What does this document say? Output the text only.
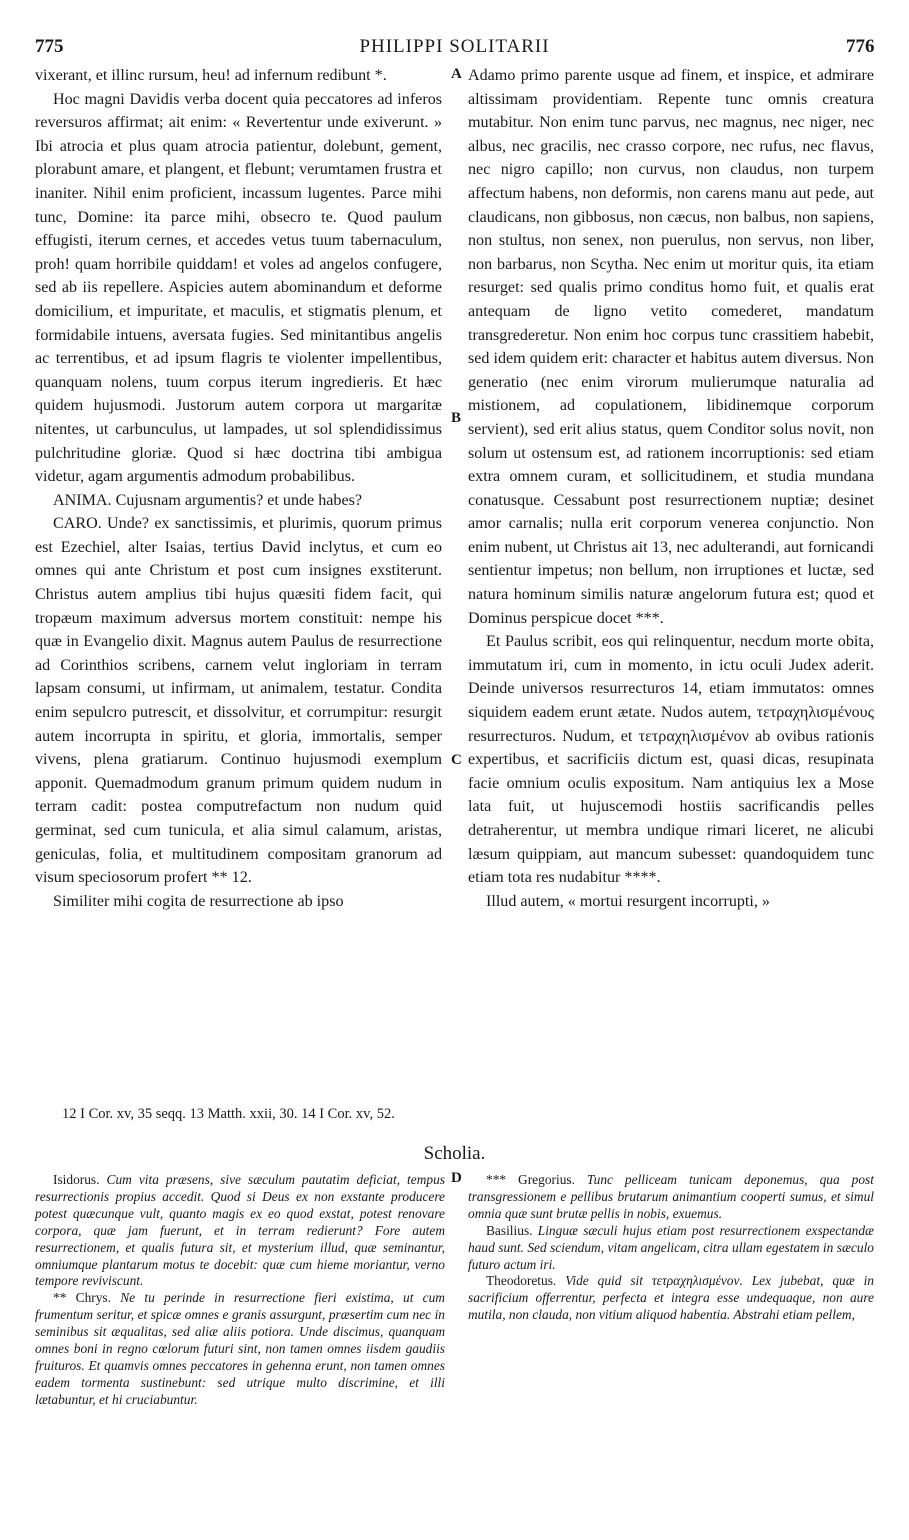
775	PHILIPPI SOLITARII	776

vixerant, et illinc rursum, heu! ad infernum redibunt *.

Hoc magni Davidis verba docent quia peccatores ad inferos reversuros affirmat; ait enim: « Revertentur unde exiverunt. » Ibi atrocia et plus quam atrocia patientur, dolebunt, gement, plorabunt amare, et plangent, et flebunt; verumtamen frustra et inaniter. Nihil enim proficient, incassum lugentes. Parce mihi tunc, Domine: ita parce mihi, obsecro te. Quod paulum effugisti, iterum cernes, et accedes vetus tuum tabernaculum, proh! quam horribile quiddam! et voles ad angelos confugere, sed ab iis repellere. Aspicies autem abominandum et deforme domicilium, et impuritate, et maculis, et stigmatis plenum, et formidabile intuens, aversata fugies. Sed minitantibus angelis ac terrentibus, et ad ipsum flagris te violenter impellentibus, quanquam nolens, tuum corpus iterum ingredieris. Et hæc quidem hujusmodi. Justorum autem corpora ut margaritæ nitentes, ut carbunculus, ut lampades, ut sol splendidissimus pulchritudine gloriæ. Quod si hæc doctrina tibi ambigua videtur, agam argumentis admodum probabilibus.

ANIMA. Cujusnam argumentis? et unde habes?

CARO. Unde? ex sanctissimis, et plurimis, quorum primus est Ezechiel, alter Isaias, tertius David inclytus, et cum eo omnes qui ante Christum et post cum insignes exstiterunt. Christus autem amplius tibi hujus quæsiti fidem facit, qui tropæum maximum adversus mortem constituit: nempe his quæ in Evangelio dixit. Magnus autem Paulus de resurrectione ad Corinthios scribens, carnem velut ingloriam in terram lapsam consumi, ut infirmam, ut animalem, testatur. Condita enim sepulcro putrescit, et dissolvitur, et corrumpitur: resurgit autem incorrupta in spiritu, et gloria, immortalis, semper vivens, plena gratiarum. Continuo hujusmodi exemplum apponit. Quemadmodum granum primum quidem nudum in terram cadit: postea computrefactum non nudum quid germinat, sed cum tunicula, et alia simul calamum, aristas, geniculas, folia, et multitudinem compositam granorum ad visum speciosorum profert ** 12.

Similiter mihi cogita de resurrectione ab ipso

Adamo primo parente usque ad finem, et inspice, et admirare altissimam providentiam. Repente tunc omnis creatura mutabitur. Non enim tunc parvus, nec magnus, nec niger, nec albus, nec gracilis, nec crasso corpore, nec rufus, nec flavus, nec nigro capillo; non curvus, non claudus, non turpem affectum habens, non deformis, non carens manu aut pede, aut claudicans, non gibbosus, non cæcus, non balbus, non sapiens, non stultus, non senex, non puerulus, non servus, non liber, non barbarus, non Scytha. Nec enim ut moritur quis, ita etiam resurget: sed qualis primo conditus homo fuit, et qualis erat antequam de ligno vetito comederet, mandatum transgrederetur. Non enim hoc corpus tunc crassitiem habebit, sed idem quidem erit: character et habitus autem diversus. Non generatio (nec enim virorum mulierumque naturalia ad mistionem, ad copulationem, libidinemque corporum servient), sed erit alius status, quem Conditor solus novit, non solum ut ostensum est, ad rationem incorruptionis: sed etiam extra omnem curam, et sollicitudinem, et studia mundana conatusque. Cessabunt post resurrectionem nuptiæ; desinet amor carnalis; nulla erit corporum venerea conjunctio. Non enim nubent, ut Christus ait 13, nec adulterandi, aut fornicandi sentientur impetus; non bellum, non irruptiones et luctæ, sed natura hominum similis naturæ angelorum futura est; quod et Dominus perspicue docet ***.

Et Paulus scribit, eos qui relinquentur, necdum morte obita, immutatum iri, cum in momento, in ictu oculi Judex aderit. Deinde universos resurrecturos 14, etiam immutatos: omnes siquidem eadem erunt ætate. Nudos autem, τετραχηλισμένους resurrecturos. Nudum, et τετραχηλισμένον ab ovibus rationis expertibus, et sacrificiis dictum est, quasi dicas, resupinata facie omnium oculis expositum. Nam antiquius lex a Mose lata fuit, ut hujuscemodi hostiis sacrificandis pelles detraherentur, ut membra undique rimari liceret, ne alicubi læsum quippiam, aut mancum subesset: quandoquidem tunc etiam tota res nudabitur ****.

Illud autem, « mortui resurgent incorrupti, »

A
B
C
D
12 I Cor. xv, 35 seqq. 13 Matth. xxii, 30. 14 I Cor. xv, 52.
Scholia.

Isidorus. Cum vita præsens, sive sæculum pautatim deficiat, tempus resurrectionis propius accedit. Quod si Deus ex non exstante producere potest quæcunque vult, quanto magis ex eo quod exstat, potest renovare corpora, quæ jam fuerunt, et in terram redierunt? Fore autem resurrectionem, et qualis futura sit, et mysterium illud, quæ seminantur, omniumque plantarum motus te docebit: quæ cum hieme moriantur, verno tempore reviviscunt.

** Chrys. Ne tu perinde in resurrectione fieri existima, ut cum frumentum seritur, et spicæ omnes e granis assurgunt, præsertim cum nec in seminibus sit æqualitas, sed aliæ aliis potiora. Unde discimus, quanquam omnes boni in regno cœlorum futuri sint, non tamen omnes iisdem gaudiis fruituros. Et quamvis omnes peccatores in gehenna erunt, non tamen omnes eadem tormenta sustinebunt: sed utrique multo discrimine, et illi lætabuntur, et hi cruciabuntur.

*** Gregorius. Tunc pelliceam tunicam deponemus, qua post transgressionem e pellibus brutarum animantium cooperti sumus, et simul omnia quæ sunt brutæ pellis in nobis, exuemus.

Basilius. Linguæ sæculi hujus etiam post resurrectionem exspectandæ haud sunt. Sed sciendum, vitam angelicam, citra ullam egestatem in sæculo futuro actum iri.

Theodoretus. Vide quid sit τετραχηλισμένον. Lex jubebat, quæ in sacrificium offerrentur, perfecta et integra esse undequaque, non aure mutila, non clauda, non vitium aliquod habentia. Abstrahi etiam pellem,
